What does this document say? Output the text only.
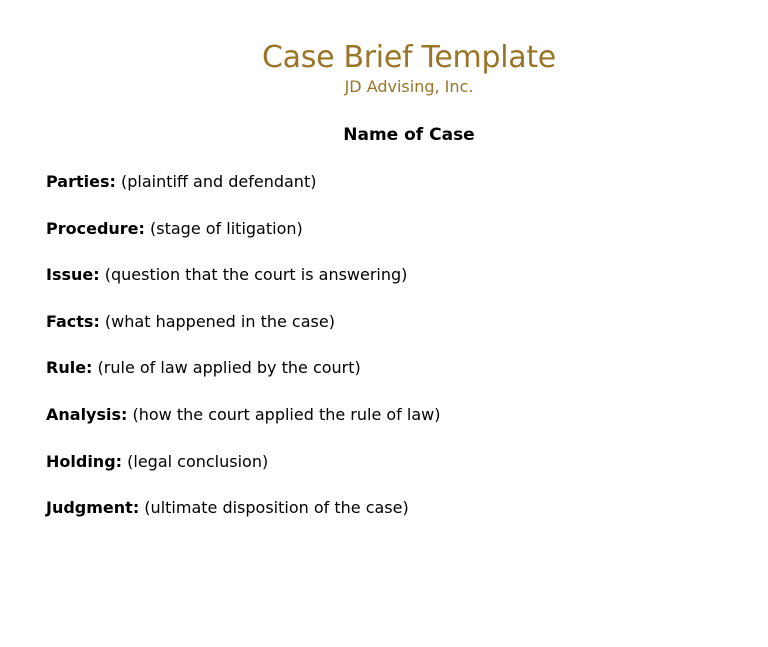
Case Brief Template
JD Advising, Inc.
Name of Case
Parties: (plaintiff and defendant)
Procedure: (stage of litigation)
Issue: (question that the court is answering)
Facts: (what happened in the case)
Rule: (rule of law applied by the court)
Analysis: (how the court applied the rule of law)
Holding: (legal conclusion)
Judgment: (ultimate disposition of the case)
